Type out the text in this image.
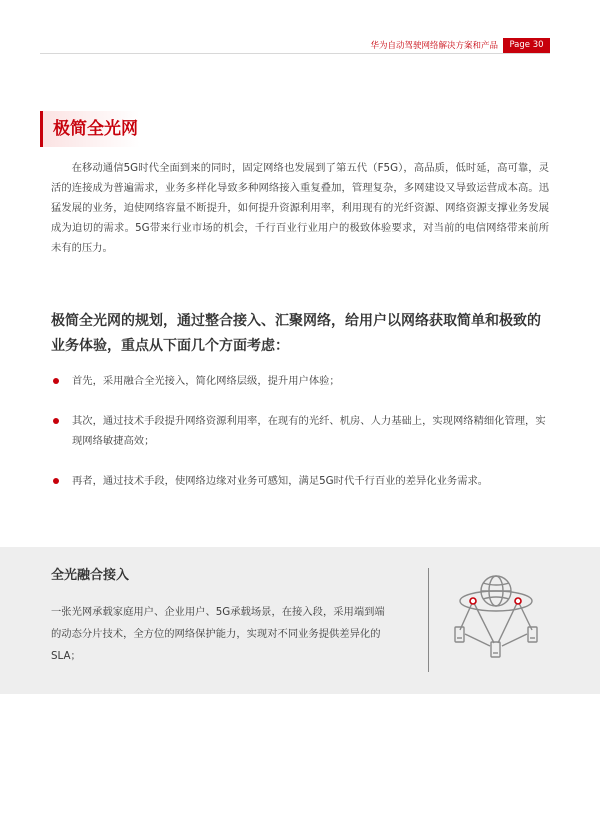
华为自动驾驶网络解决方案和产品	Page 30
极简全光网

在移动通信5G时代全面到来的同时，固定网络也发展到了第五代（F5G），高品质，低时延，高可靠，灵活的连接成为普遍需求，业务多样化导致多种网络接入重复叠加，管理复杂，多网建设又导致运营成本高。迅猛发展的业务，迫使网络容量不断提升，如何提升资源利用率，利用现有的光纤资源、网络资源支撑业务发展成为迫切的需求。5G带来行业市场的机会，千行百业行业用户的极致体验要求，对当前的电信网络带来前所未有的压力。

极简全光网的规划，通过整合接入、汇聚网络，给用户以网络获取简单和极致的业务体验，重点从下面几个方面考虑：

首先，采用融合全光接入，简化网络层级，提升用户体验；
其次，通过技术手段提升网络资源利用率，在现有的光纤、机房、人力基础上，实现网络精细化管理，实现网络敏捷高效；
再者，通过技术手段，使网络边缘对业务可感知，满足5G时代千行百业的差异化业务需求。
全光融合接入

一张光网承载家庭用户、企业用户、5G承载场景，在接入段，采用端到端的动态分片技术，全方位的网络保护能力，实现对不同业务提供差异化的SLA；
